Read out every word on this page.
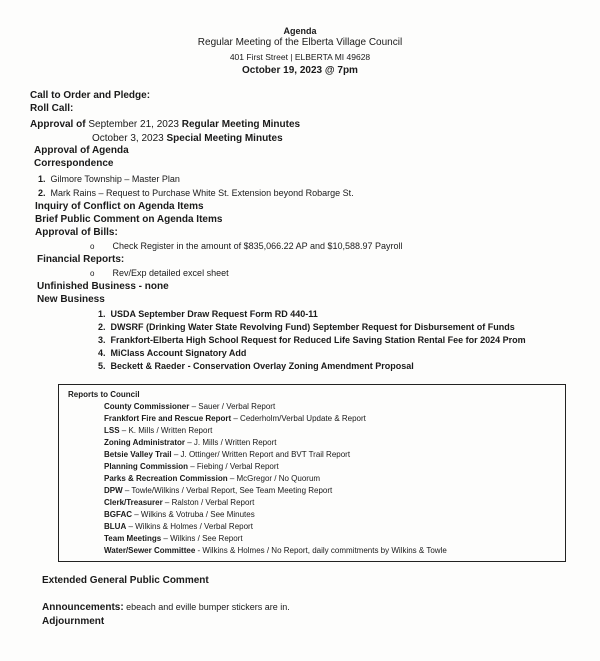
Agenda
Regular Meeting of the Elberta Village Council
401 First Street | ELBERTA MI 49628
October 19, 2023 @ 7pm
Call to Order and Pledge:
Roll Call:
Approval of September 21, 2023 Regular Meeting Minutes
October 3, 2023 Special Meeting Minutes
Approval of Agenda
Correspondence
1. Gilmore Township – Master Plan
2. Mark Rains – Request to Purchase White St. Extension beyond Robarge St.
Inquiry of Conflict on Agenda Items
Brief Public Comment on Agenda Items
Approval of Bills:
o Check Register in the amount of $835,066.22 AP and $10,588.97 Payroll
Financial Reports:
o Rev/Exp detailed excel sheet
Unfinished Business - none
New Business
1. USDA September Draw Request Form RD 440-11
2. DWSRF (Drinking Water State Revolving Fund) September Request for Disbursement of Funds
3. Frankfort-Elberta High School Request for Reduced Life Saving Station Rental Fee for 2024 Prom
4. MiClass Account Signatory Add
5. Beckett & Raeder - Conservation Overlay Zoning Amendment Proposal
Reports to Council
County Commissioner – Sauer / Verbal Report
Frankfort Fire and Rescue Report – Cederholm/Verbal Update & Report
LSS – K. Mills / Written Report
Zoning Administrator – J. Mills / Written Report
Betsie Valley Trail – J. Ottinger/ Written Report and BVT Trail Report
Planning Commission – Fiebing / Verbal Report
Parks & Recreation Commission – McGregor / No Quorum
DPW – Towle/Wilkins / Verbal Report, See Team Meeting Report
Clerk/Treasurer – Ralston / Verbal Report
BGFAC – Wilkins & Votruba / See Minutes
BLUA – Wilkins & Holmes / Verbal Report
Team Meetings – Wilkins / See Report
Water/Sewer Committee - Wilkins & Holmes / No Report, daily commitments by Wilkins & Towle
Extended General Public Comment
Announcements: ebeach and eville bumper stickers are in.
Adjournment
